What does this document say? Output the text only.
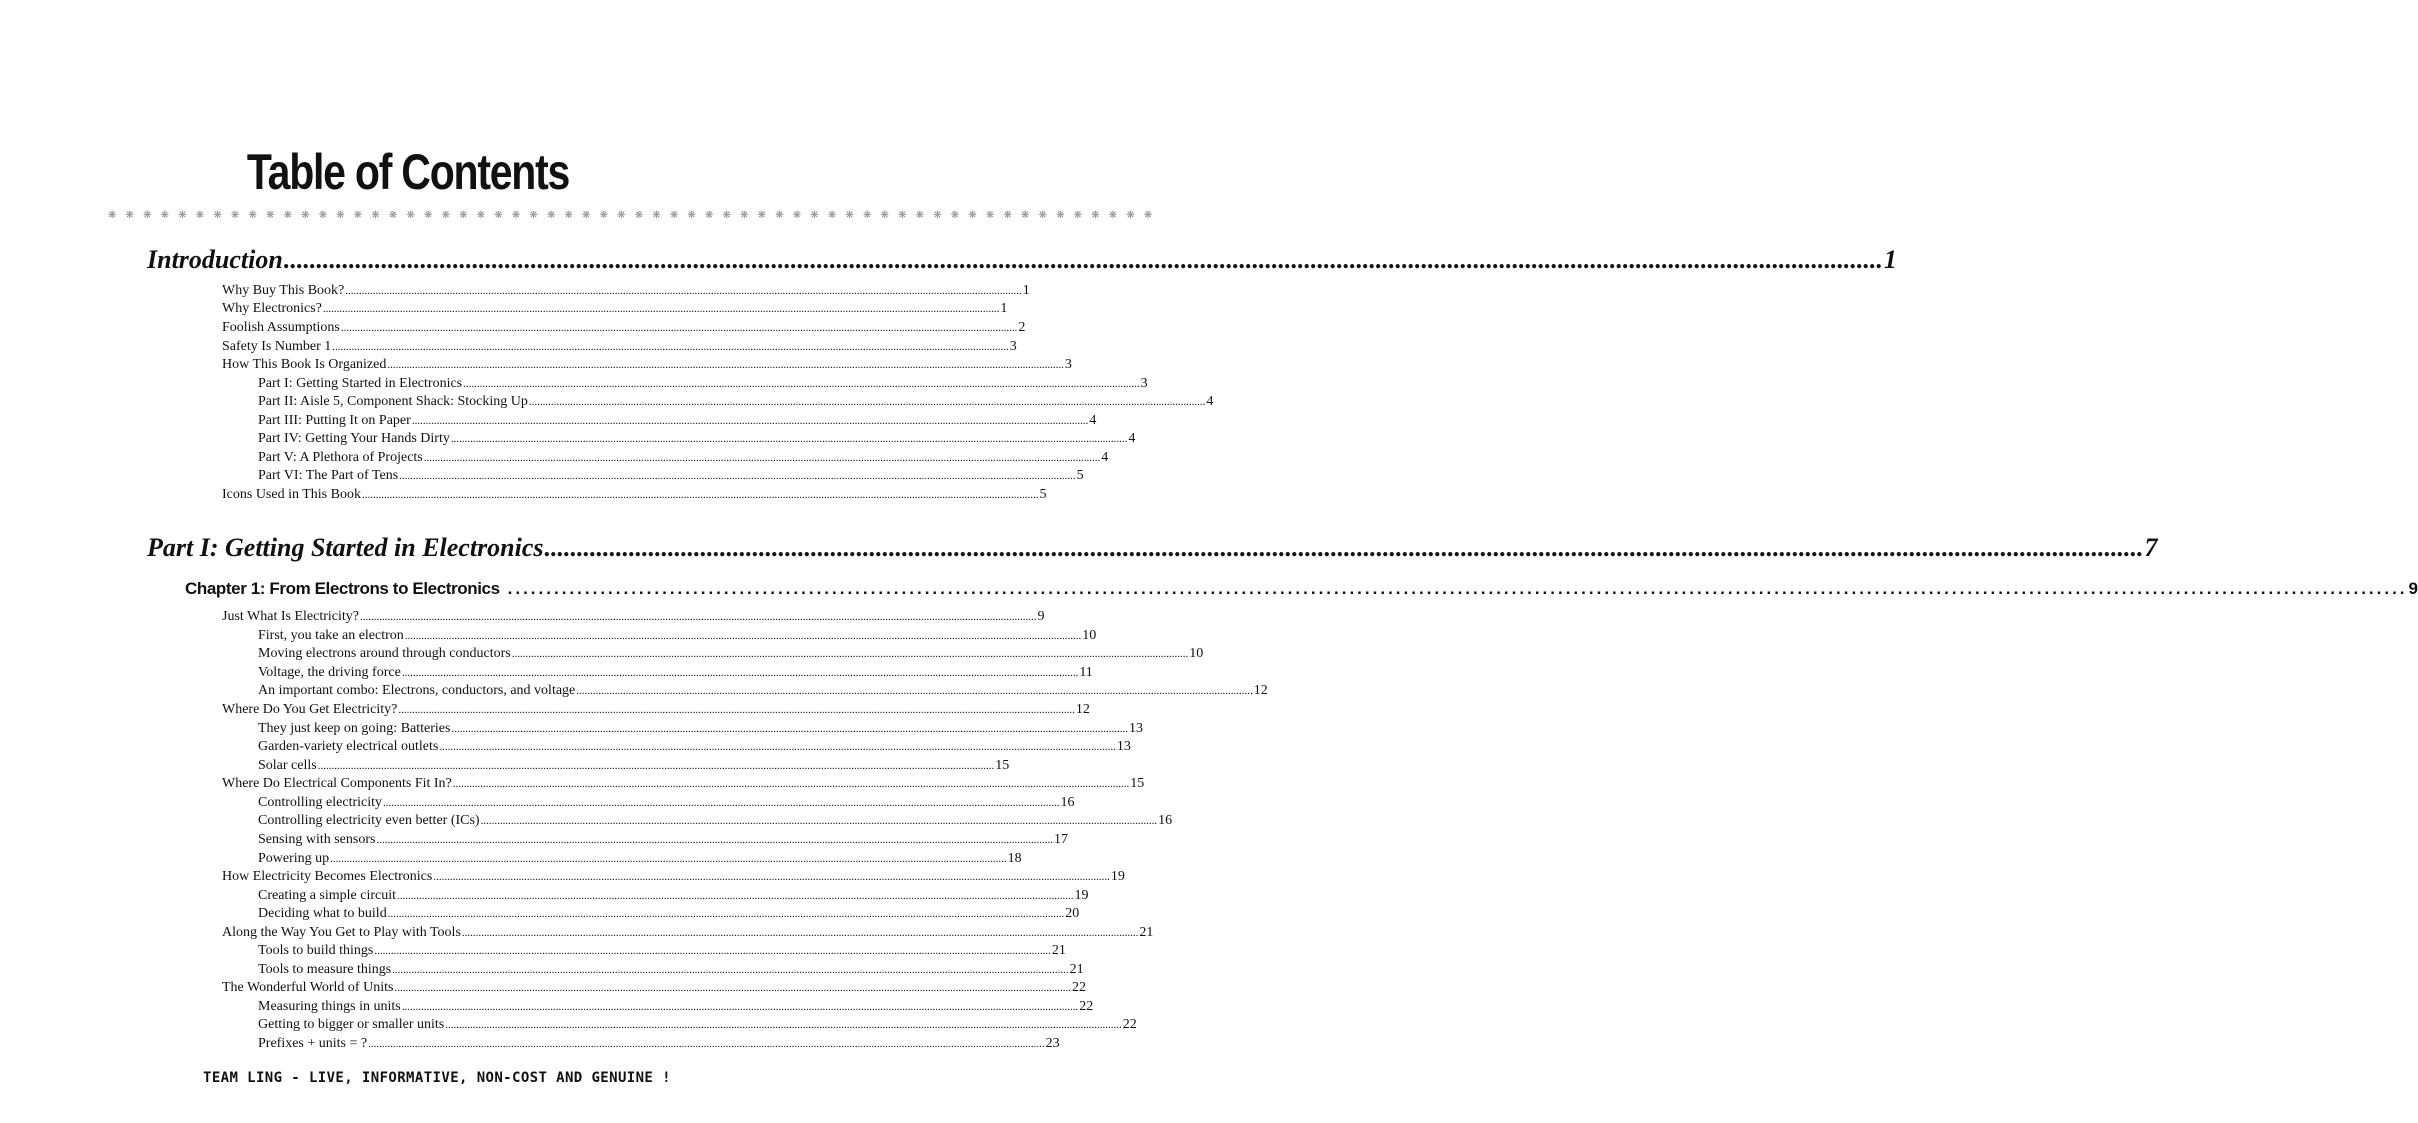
Table of Contents
❋ ❋ ❋ ❋ ❋ ❋ ❋ ❋ ❋ ❋ ❋ ❋ ❋ ❋ ❋ ❋ ❋ ❋ ❋ ❋ ❋ ❋ ❋ ❋ ❋ ❋ ❋ ❋ ❋ ❋ ❋ ❋ ❋ ❋ ❋ ❋ ❋ ❋ ❋ ❋ ❋ ❋ ❋ ❋ ❋ ❋ ❋ ❋ ❋ ❋ ❋ ❋ ❋ ❋ ❋ ❋ ❋ ❋ ❋ ❋
Introduction .....	1
Why Buy This Book? .....	1
Why Electronics? .....	1
Foolish Assumptions .....	2
Safety Is Number 1 .....	3
How This Book Is Organized .....	3
Part I: Getting Started in Electronics .....	3
Part II: Aisle 5, Component Shack: Stocking Up .....	4
Part III: Putting It on Paper .....	4
Part IV: Getting Your Hands Dirty .....	4
Part V: A Plethora of Projects .....	4
Part VI: The Part of Tens .....	5
Icons Used in This Book .....	5
Part I: Getting Started in Electronics .....	7
Chapter 1: From Electrons to Electronics .....	9
Just What Is Electricity? .....	9
First, you take an electron .....	10
Moving electrons around through conductors .....	10
Voltage, the driving force .....	11
An important combo: Electrons, conductors, and voltage .....	12
Where Do You Get Electricity? .....	12
They just keep on going: Batteries .....	13
Garden-variety electrical outlets .....	13
Solar cells .....	15
Where Do Electrical Components Fit In? .....	15
Controlling electricity .....	16
Controlling electricity even better (ICs) .....	16
Sensing with sensors .....	17
Powering up .....	18
How Electricity Becomes Electronics .....	19
Creating a simple circuit .....	19
Deciding what to build .....	20
Along the Way You Get to Play with Tools .....	21
Tools to build things .....	21
Tools to measure things .....	21
The Wonderful World of Units .....	22
Measuring things in units .....	22
Getting to bigger or smaller units .....	22
Prefixes + units = ? .....	23
TEAM LING - LIVE, INFORMATIVE, NON-COST AND GENUINE !
